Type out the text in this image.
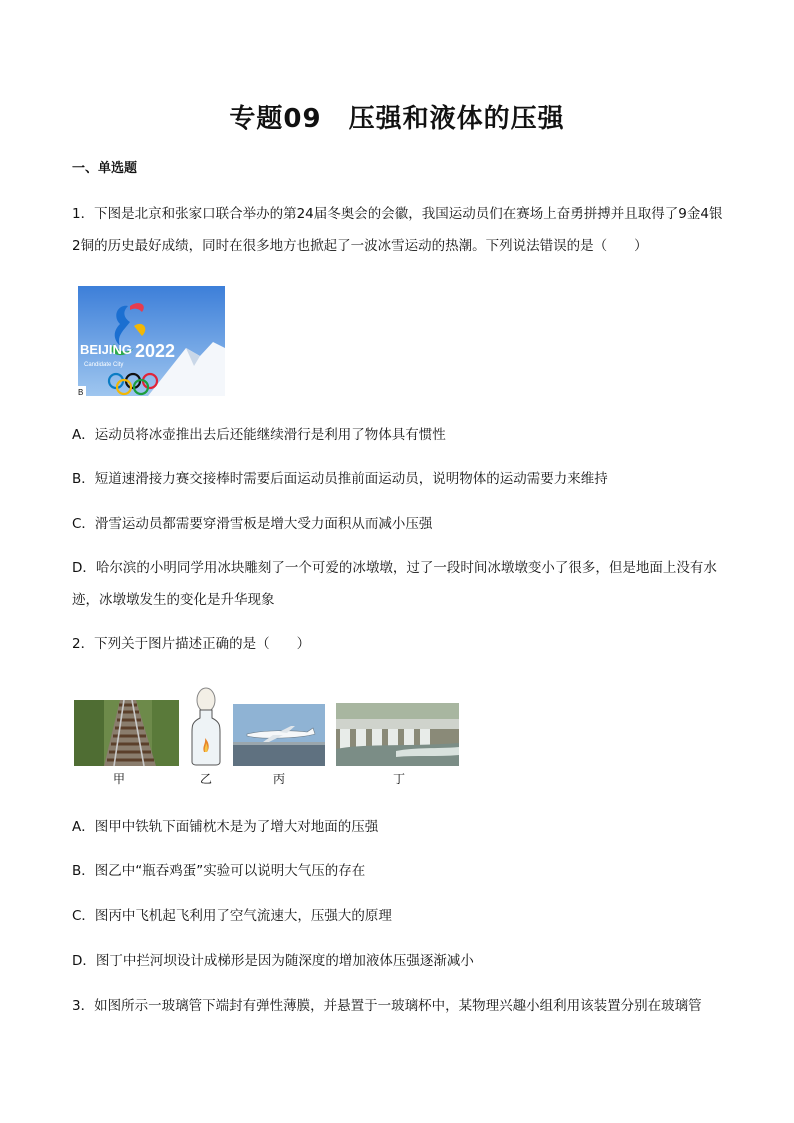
专题09　压强和液体的压强
一、单选题
1．下图是北京和张家口联合举办的第24届冬奥会的会徽，我国运动员们在赛场上奋勇拼搏并且取得了9金4银2铜的历史最好成绩，同时在很多地方也掀起了一波冰雪运动的热潮。下列说法错误的是（　　）
BEIJING 2022
Candidate City
B
A．运动员将冰壶推出去后还能继续滑行是利用了物体具有惯性
B．短道速滑接力赛交接棒时需要后面运动员推前面运动员，说明物体的运动需要力来维持
C．滑雪运动员都需要穿滑雪板是增大受力面积从而减小压强
D．哈尔滨的小明同学用冰块雕刻了一个可爱的冰墩墩，过了一段时间冰墩墩变小了很多，但是地面上没有水迹，冰墩墩发生的变化是升华现象
2．下列关于图片描述正确的是（　　）
甲	乙	丙	丁
A．图甲中铁轨下面铺枕木是为了增大对地面的压强
B．图乙中“瓶吞鸡蛋”实验可以说明大气压的存在
C．图丙中飞机起飞利用了空气流速大，压强大的原理
D．图丁中拦河坝设计成梯形是因为随深度的增加液体压强逐渐减小
3．如图所示一玻璃管下端封有弹性薄膜，并悬置于一玻璃杯中，某物理兴趣小组利用该装置分别在玻璃管
